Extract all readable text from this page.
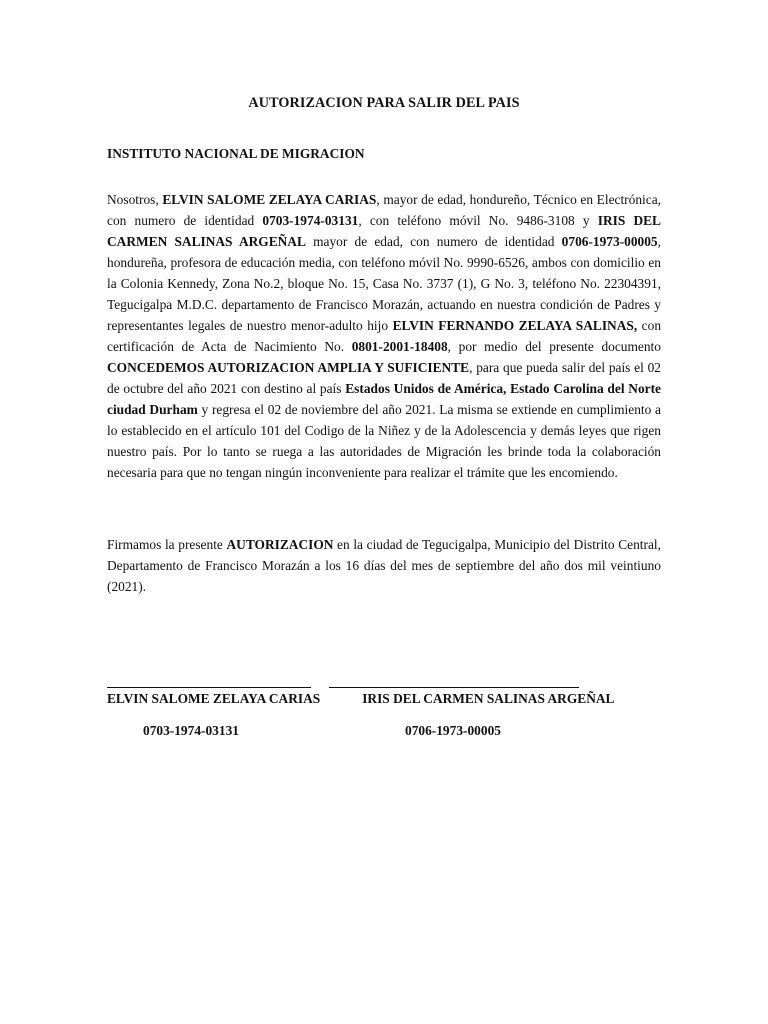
AUTORIZACION PARA SALIR DEL PAIS

INSTITUTO NACIONAL DE MIGRACION

Nosotros, ELVIN SALOME ZELAYA CARIAS, mayor de edad, hondureño, Técnico en Electrónica, con numero de identidad 0703-1974-03131, con teléfono móvil No. 9486-3108 y IRIS DEL CARMEN SALINAS ARGEÑAL mayor de edad, con numero de identidad 0706-1973-00005, hondureña, profesora de educación media, con teléfono móvil No. 9990-6526, ambos con domicilio en la Colonia Kennedy, Zona No.2, bloque No. 15, Casa No. 3737 (1), G No. 3, teléfono No. 22304391, Tegucigalpa M.D.C. departamento de Francisco Morazán, actuando en nuestra condición de Padres y representantes legales de nuestro menor-adulto hijo ELVIN FERNANDO ZELAYA SALINAS, con certificación de Acta de Nacimiento No. 0801-2001-18408, por medio del presente documento CONCEDEMOS AUTORIZACION AMPLIA Y SUFICIENTE, para que pueda salir del país el 02 de octubre del año 2021 con destino al país Estados Unidos de América, Estado Carolina del Norte ciudad Durham y regresa el 02 de noviembre del año 2021. La misma se extiende en cumplimiento a lo establecido en el artículo 101 del Codigo de la Niñez y de la Adolescencia y demás leyes que rigen nuestro país. Por lo tanto se ruega a las autoridades de Migración les brinde toda la colaboración necesaria para que no tengan ningún inconveniente para realizar el trámite que les encomiendo.

Firmamos la presente AUTORIZACION en la ciudad de Tegucigalpa, Municipio del Distrito Central, Departamento de Francisco Morazán a los 16 días del mes de septiembre del año dos mil veintiuno (2021).

ELVIN SALOME ZELAYA CARIAS	IRIS DEL CARMEN SALINAS ARGEÑAL

0703-1974-03131	0706-1973-00005
